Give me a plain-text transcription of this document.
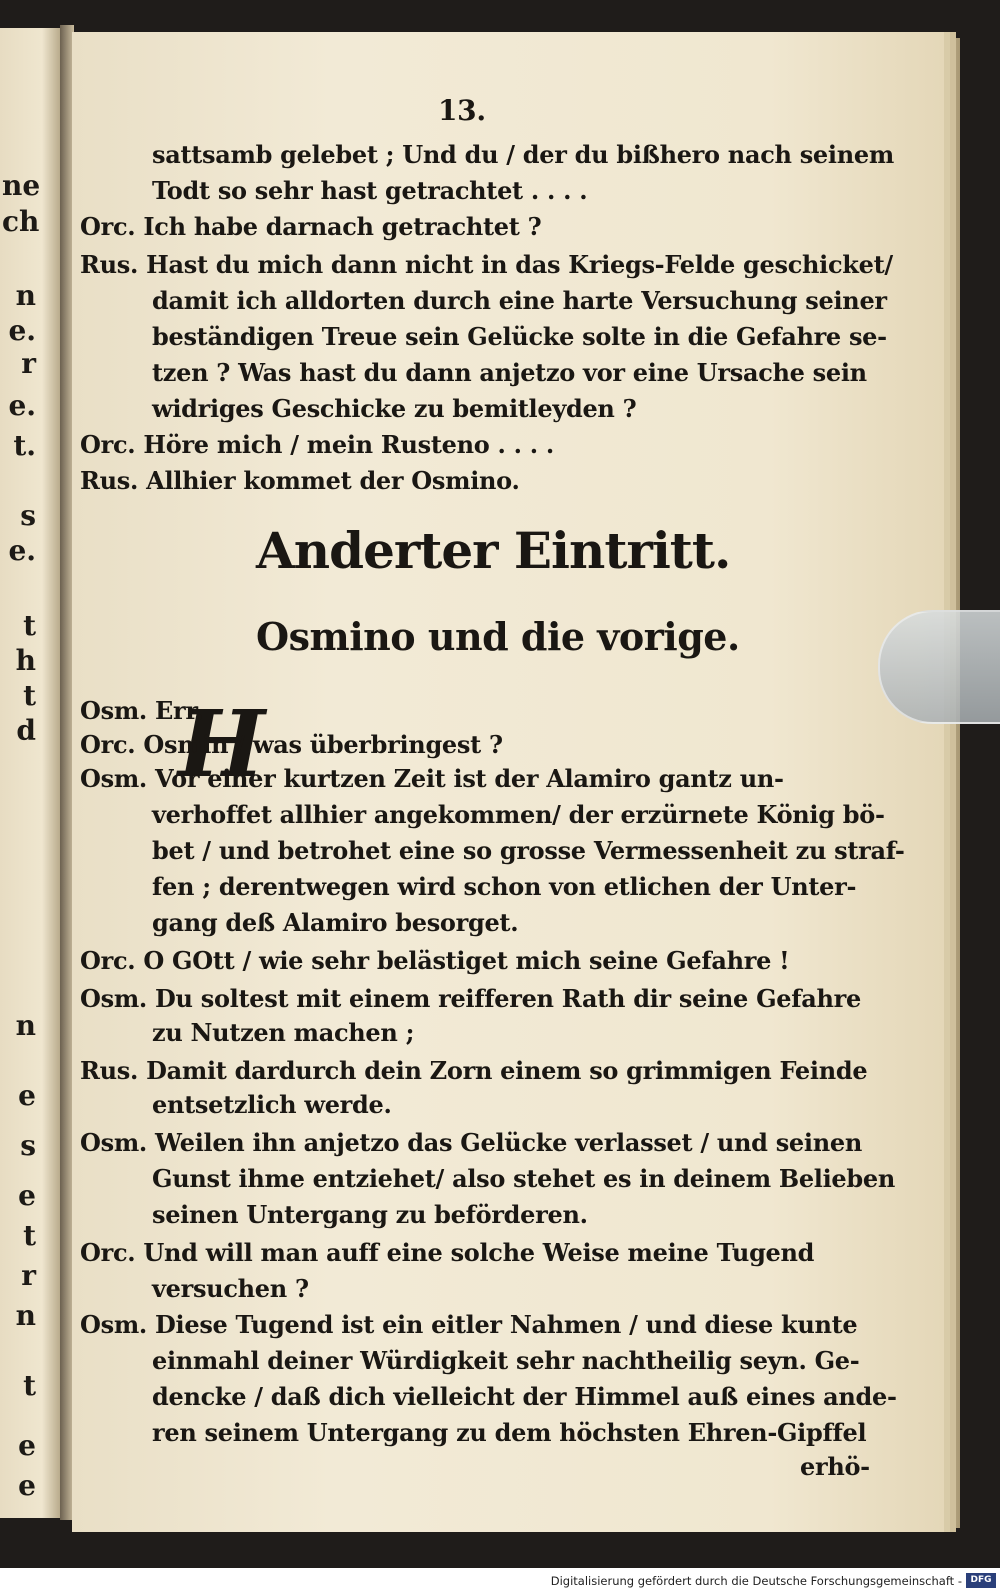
ne
ch
n
e.
r
e.
t.
s
e.
t
h
t
d
n
e
s
e
t
r
n
t
e
e
13.
sattsamb gelebet ; Und du / der du bißhero nach seinem
Todt so sehr hast getrachtet . . . .
Orc. Ich habe darnach getrachtet ?
Rus. Hast du mich dann nicht in das Kriegs-Felde geschicket/
damit ich alldorten durch eine harte Versuchung seiner
beständigen Treue sein Gelücke solte in die Gefahre se-
tzen ? Was hast du dann anjetzo vor eine Ursache sein
widriges Geschicke zu bemitleyden ?
Orc. Höre mich / mein Rusteno . . . .
Rus. Allhier kommet der Osmino.
Anderter Eintritt.
Osmino und die vorige.
H
Osm. Err.
Orc. Osmin / was überbringest ?
Osm. Vor einer kurtzen Zeit ist der Alamiro gantz un-
verhoffet allhier angekommen/ der erzürnete König bö-
bet / und betrohet eine so grosse Vermessenheit zu straf-
fen ; derentwegen wird schon von etlichen der Unter-
gang deß Alamiro besorget.
Orc. O GOtt / wie sehr belästiget mich seine Gefahre !
Osm. Du soltest mit einem reifferen Rath dir seine Gefahre
zu Nutzen machen ;
Rus. Damit dardurch dein Zorn einem so grimmigen Feinde
entsetzlich werde.
Osm. Weilen ihn anjetzo das Gelücke verlasset / und seinen
Gunst ihme entziehet/ also stehet es in deinem Belieben
seinen Untergang zu beförderen.
Orc. Und will man auff eine solche Weise meine Tugend
versuchen ?
Osm. Diese Tugend ist ein eitler Nahmen / und diese kunte
einmahl deiner Würdigkeit sehr nachtheilig seyn. Ge-
dencke / daß dich vielleicht der Himmel auß eines ande-
ren seinem Untergang zu dem höchsten Ehren-Gipffel
erhö-
Digitalisierung gefördert durch die Deutsche Forschungsgemeinschaft - DFG
